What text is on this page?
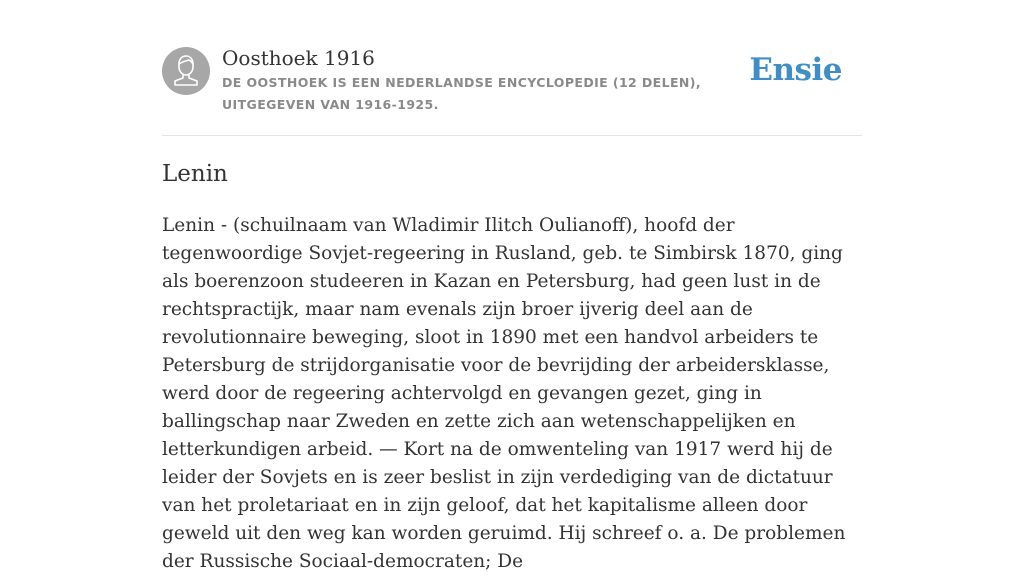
Oosthoek 1916
DE OOSTHOEK IS EEN NEDERLANDSE ENCYCLOPEDIE (12 DELEN), UITGEGEVEN VAN 1916-1925.
Ensie
Lenin

Lenin - (schuilnaam van Wladimir Ilitch Oulianoff), hoofd der tegenwoordige Sovjet-regeering in Rusland, geb. te Simbirsk 1870, ging als boerenzoon studeeren in Kazan en Petersburg, had geen lust in de rechtspractijk, maar nam evenals zijn broer ijverig deel aan de revolutionnaire beweging, sloot in 1890 met een handvol arbeiders te Petersburg de strijdorganisatie voor de bevrijding der arbeidersklasse, werd door de regeering achtervolgd en gevangen gezet, ging in ballingschap naar Zweden en zette zich aan wetenschappelijken en letterkundigen arbeid. — Kort na de omwenteling van 1917 werd hij de leider der Sovjets en is zeer beslist in zijn verdediging van de dictatuur van het proletariaat en in zijn geloof, dat het kapitalisme alleen door geweld uit den weg kan worden geruimd. Hij schreef o. a. De problemen der Russische Sociaal-democraten; De
